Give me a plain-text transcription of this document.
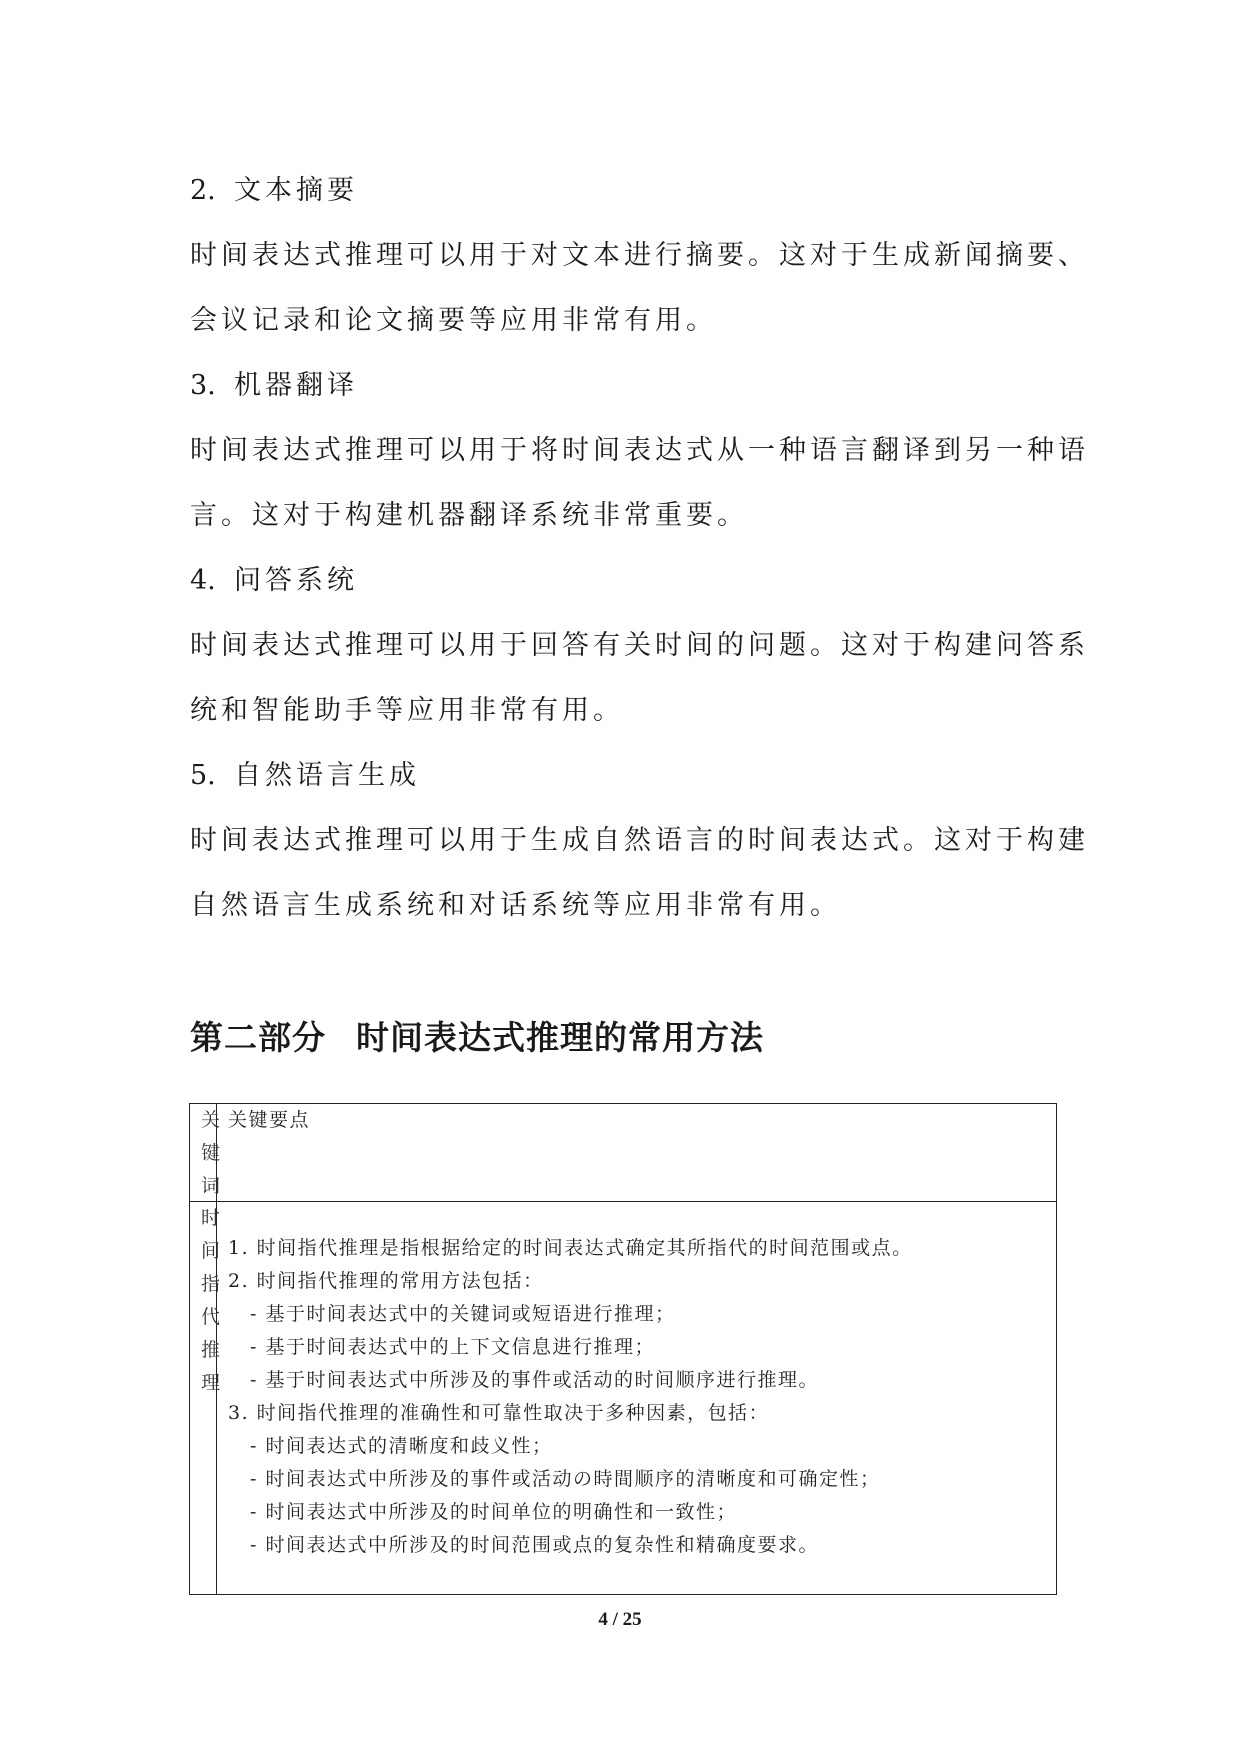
2. 文本摘要
时间表达式推理可以用于对文本进行摘要。这对于生成新闻摘要、
会议记录和论文摘要等应用非常有用。
3. 机器翻译
时间表达式推理可以用于将时间表达式从一种语言翻译到另一种语
言。这对于构建机器翻译系统非常重要。
4. 问答系统
时间表达式推理可以用于回答有关时间的问题。这对于构建问答系
统和智能助手等应用非常有用。
5. 自然语言生成
时间表达式推理可以用于生成自然语言的时间表达式。这对于构建
自然语言生成系统和对话系统等应用非常有用。
第二部分 时间表达式推理的常用方法
关键词
关键要点
时间指代推理
1. 时间指代推理是指根据给定的时间表达式确定其所指代的时间范围或点。
2. 时间指代推理的常用方法包括：
- 基于时间表达式中的关键词或短语进行推理；
- 基于时间表达式中的上下文信息进行推理；
- 基于时间表达式中所涉及的事件或活动的时间顺序进行推理。
3. 时间指代推理的准确性和可靠性取决于多种因素，包括：
- 时间表达式的清晰度和歧义性；
- 时间表达式中所涉及的事件或活动の時間顺序的清晰度和可确定性；
- 时间表达式中所涉及的时间单位的明确性和一致性；
- 时间表达式中所涉及的时间范围或点的复杂性和精确度要求。
4 / 25
